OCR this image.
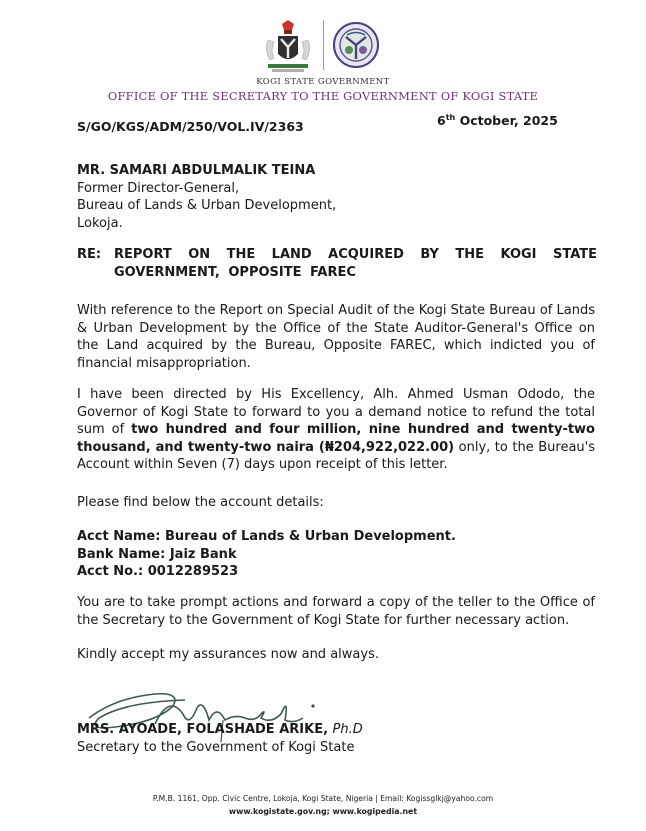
KOGI STATE GOVERNMENT
OFFICE OF THE SECRETARY TO THE GOVERNMENT OF KOGI STATE
S/GO/KGS/ADM/250/VOL.IV/2363	6th October, 2025
MR. SAMARI ABDULMALIK TEINA
Former Director-General,
Bureau of Lands & Urban Development,
Lokoja.
RE: REPORT ON THE LAND ACQUIRED BY THE KOGI STATE GOVERNMENT, OPPOSITE FAREC
With reference to the Report on Special Audit of the Kogi State Bureau of Lands & Urban Development by the Office of the State Auditor-General's Office on the Land acquired by the Bureau, Opposite FAREC, which indicted you of financial misappropriation.
I have been directed by His Excellency, Alh. Ahmed Usman Ododo, the Governor of Kogi State to forward to you a demand notice to refund the total sum of two hundred and four million, nine hundred and twenty-two thousand, and twenty-two naira (₦204,922,022.00) only, to the Bureau's Account within Seven (7) days upon receipt of this letter.
Please find below the account details:
Acct Name: Bureau of Lands & Urban Development.
Bank Name: Jaiz Bank
Acct No.: 0012289523
You are to take prompt actions and forward a copy of the teller to the Office of the Secretary to the Government of Kogi State for further necessary action.
Kindly accept my assurances now and always.
MRS. AYOADE, FOLASHADE ARIKE, Ph.D
Secretary to the Government of Kogi State
P.M.B. 1161, Opp. Civic Centre, Lokoja, Kogi State, Nigeria | Email: Kogissglkj@yahoo.com
www.kogistate.gov.ng; www.kogipedia.net
